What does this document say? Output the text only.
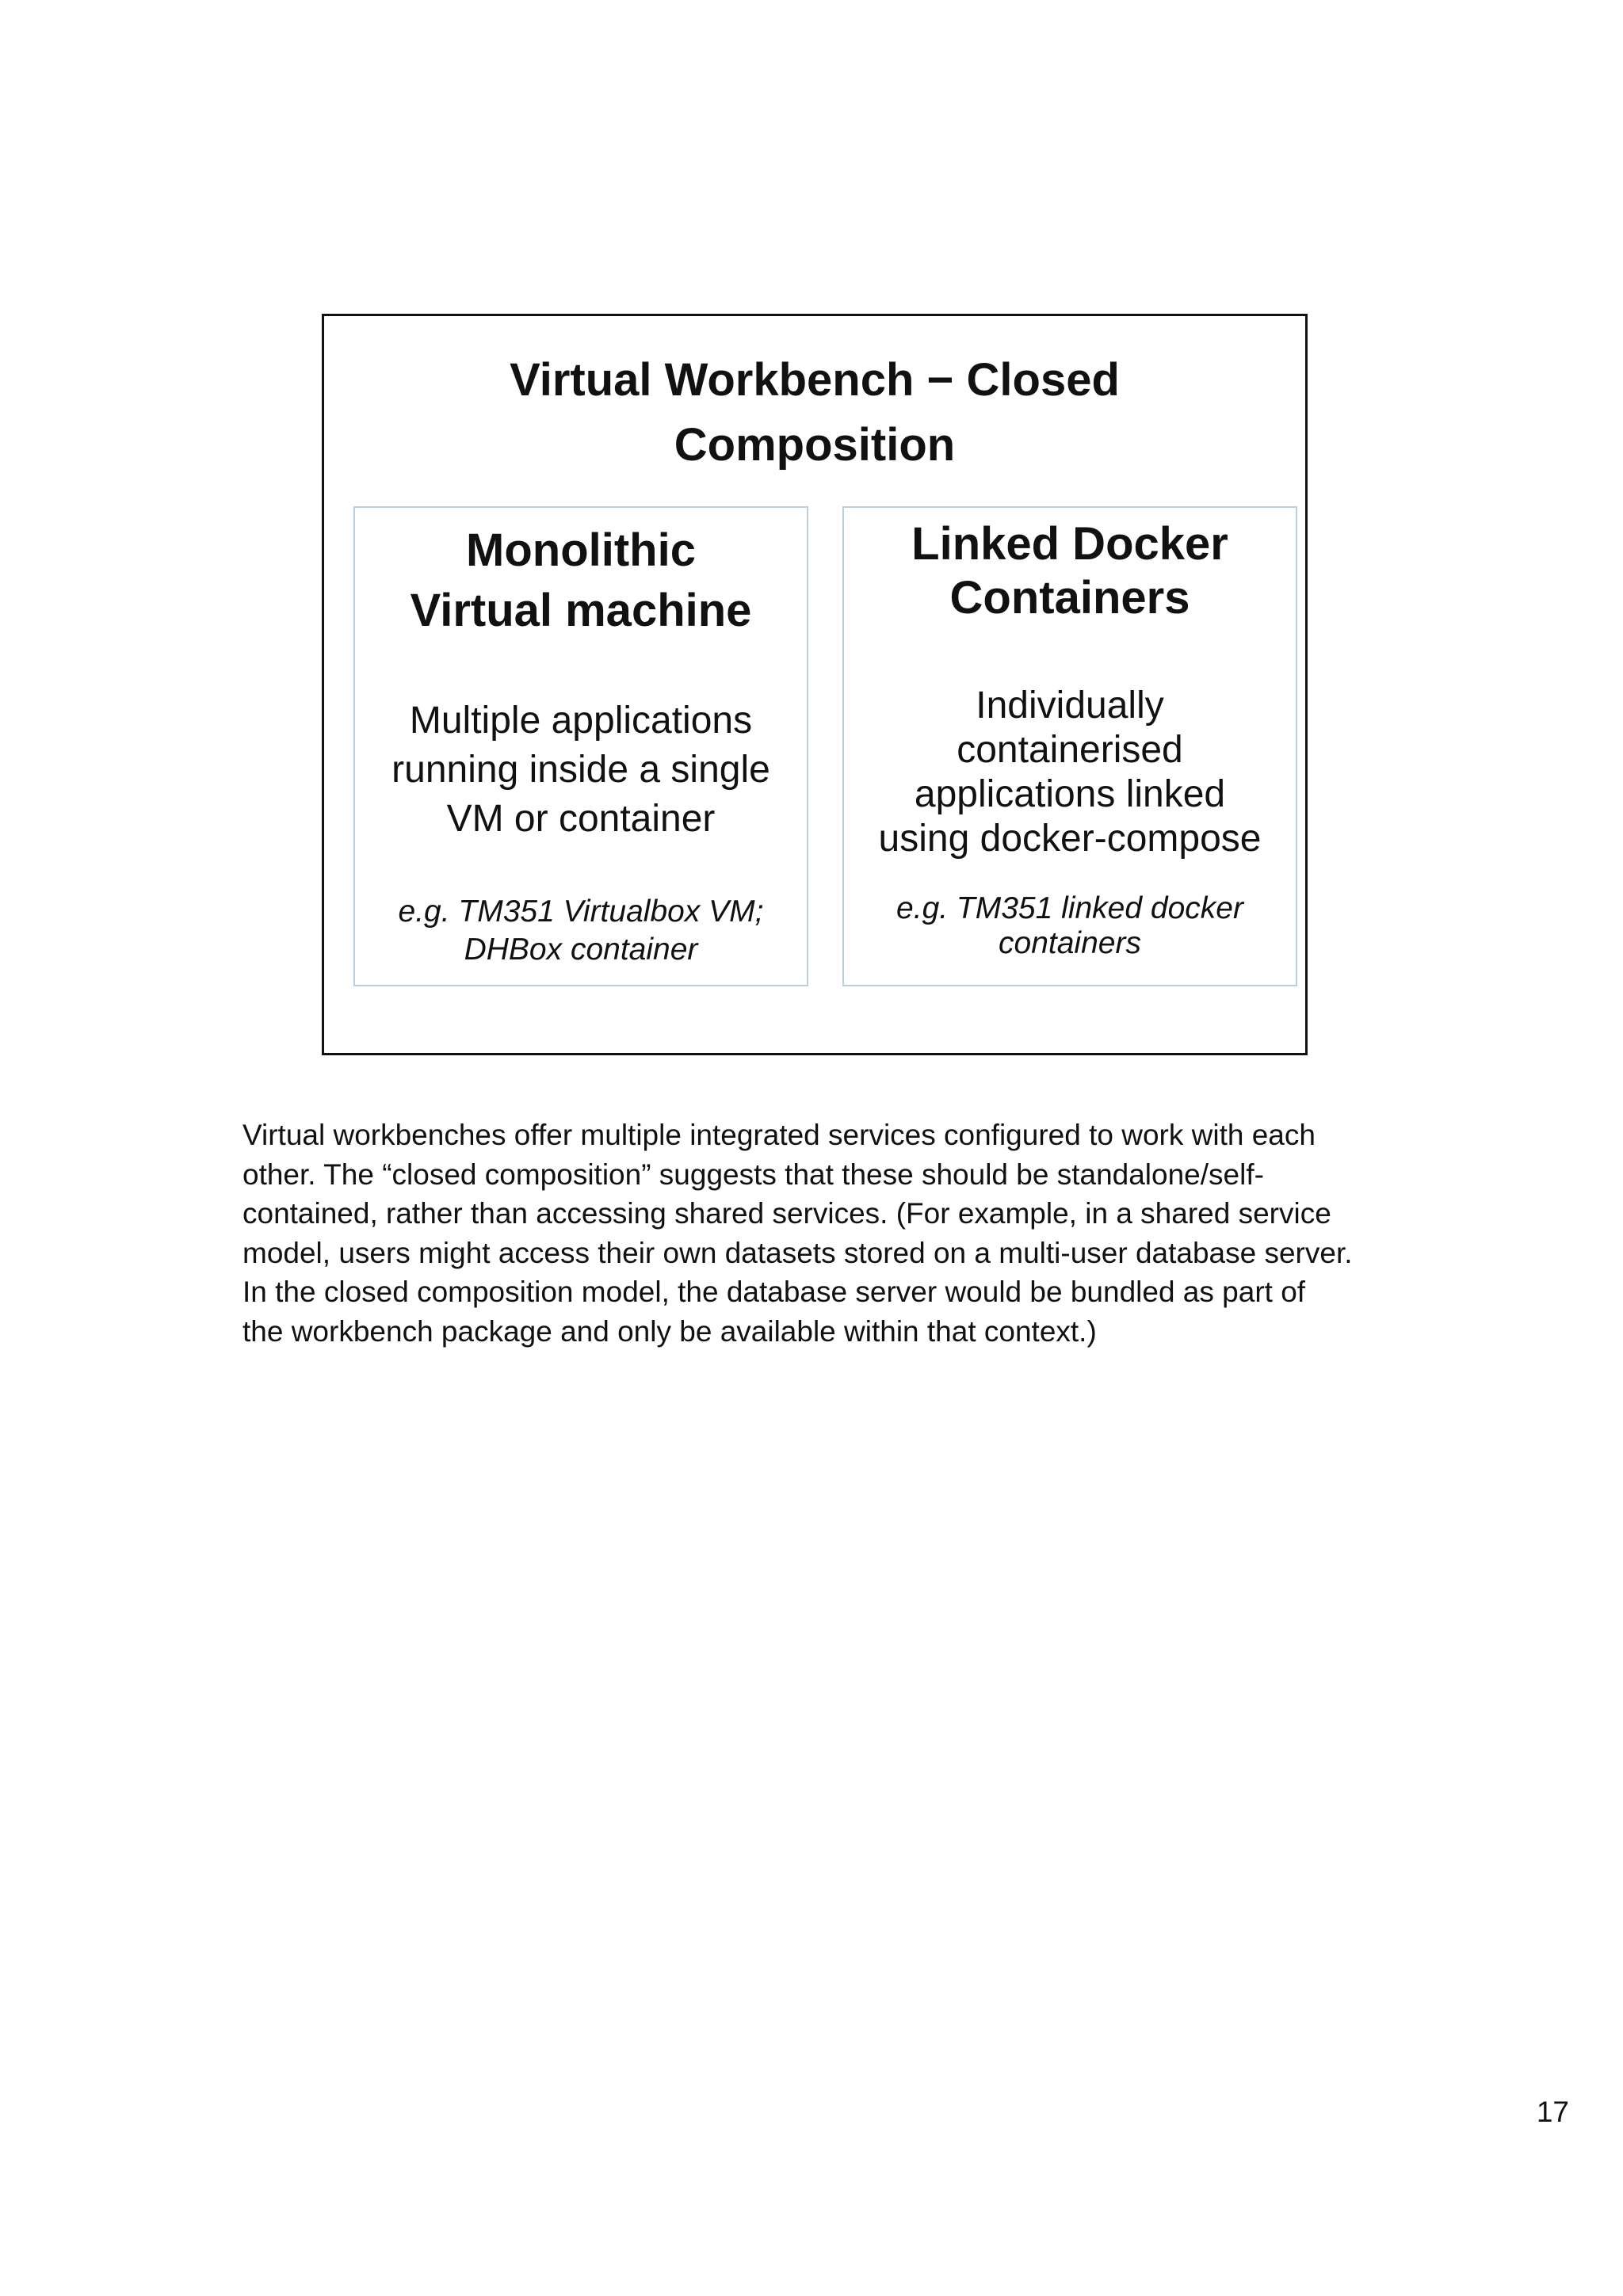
Virtual Workbench − Closed
Composition
Monolithic
Virtual machine

Multiple applications
running inside a single
VM or container

e.g. TM351 Virtualbox VM;
DHBox container

Linked Docker
Containers

Individually
containerised
applications linked
using docker-compose

e.g. TM351 linked docker
containers

Virtual workbenches offer multiple integrated services configured to work with each
other. The “closed composition” suggests that these should be standalone/self-
contained, rather than accessing shared services. (For example, in a shared service
model, users might access their own datasets stored on a multi-user database server.
In the closed composition model, the database server would be bundled as part of
the workbench package and only be available within that context.)

17
